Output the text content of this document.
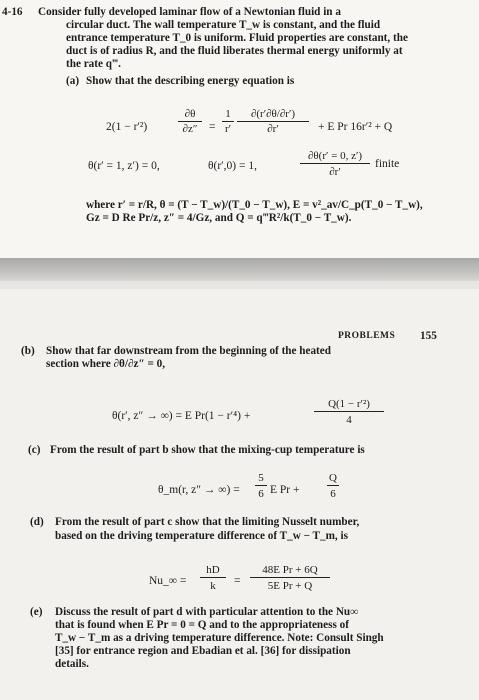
4-16 Consider fully developed laminar flow of a Newtonian fluid in a
circular duct. The wall temperature T_w is constant, and the fluid
entrance temperature T_0 is uniform. Fluid properties are constant, the
duct is of radius R, and the fluid liberates thermal energy uniformly at
the rate q‴.
(a) Show that the describing energy equation is
2(1 − r′²)
∂θ
∂z″	=
1
r′
∂(r′∂θ/∂r′)
∂r′	+ E Pr 16r′² + Q
θ(r′ = 1, z′) = 0,	θ(r′,0) = 1,
∂θ(r′ = 0, z′)
∂r′
finite
where r′ = r/R, θ = (T − T_w)/(T_0 − T_w), E = v²_av/C_p(T_0 − T_w),
Gz = D Re Pr/z, z″ = 4/Gz, and Q = q‴R²/k(T_0 − T_w).
PROBLEMS 155
(b) Show that far downstream from the beginning of the heated
section where ∂θ/∂z″ = 0,
θ(r′, z″ → ∞) = E Pr(1 − r′⁴) +
Q(1 − r′²)
4
(c) From the result of part b show that the mixing-cup temperature is
θ_m(r, z″ → ∞) =
5
6 E Pr +
Q
6
(d) From the result of part c show that the limiting Nusselt number,
based on the driving temperature difference of T_w − T_m, is
Nu_∞ =
hD
k	=
48E Pr + 6Q
5E Pr + Q
(e) Discuss the result of part d with particular attention to the Nu∞
that is found when E Pr = 0 = Q and to the appropriateness of
T_w − T_m as a driving temperature difference. Note: Consult Singh
[35] for entrance region and Ebadian et al. [36] for dissipation
details.
